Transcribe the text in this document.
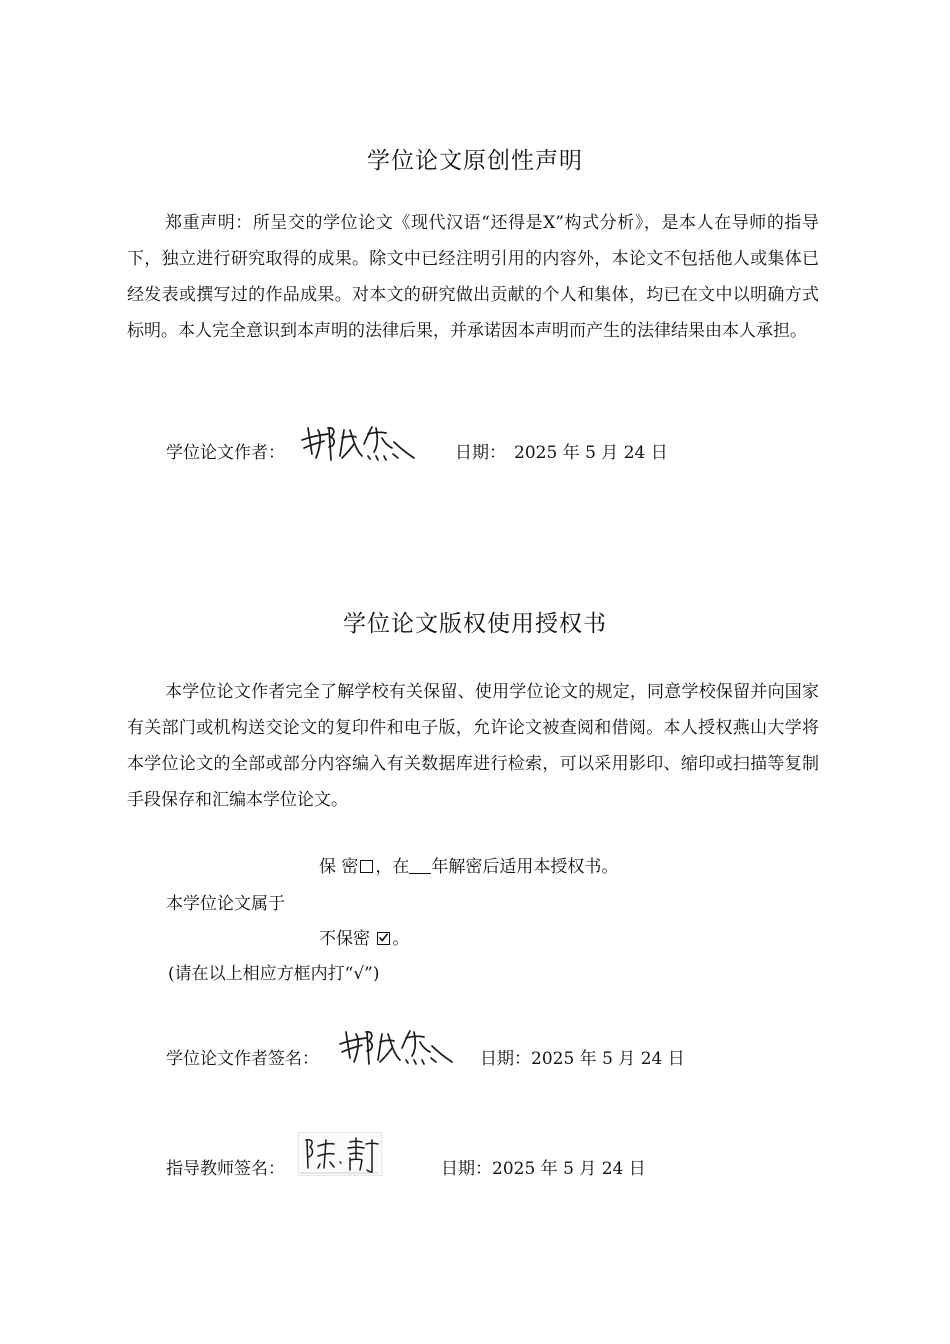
学位论文原创性声明

郑重声明：所呈交的学位论文《现代汉语“还得是X”构式分析》，是本人在导师的指导下，独立进行研究取得的成果。除文中已经注明引用的内容外，本论文不包括他人或集体已经发表或撰写过的作品成果。对本文的研究做出贡献的个人和集体，均已在文中以明确方式标明。本人完全意识到本声明的法律后果，并承诺因本声明而产生的法律结果由本人承担。

学位论文作者：	日期： 2025 年 5 月 24 日
学位论文版权使用授权书

本学位论文作者完全了解学校有关保留、使用学位论文的规定，同意学校保留并向国家有关部门或机构送交论文的复印件和电子版，允许论文被查阅和借阅。本人授权燕山大学将本学位论文的全部或部分内容编入有关数据库进行检索，可以采用影印、缩印或扫描等复制手段保存和汇编本学位论文。

保 密 ，在 年解密后适用本授权书。
本学位论文属于
不保密 。
(请在以上相应方框内打“√”)
学位论文作者签名：	日期：2025 年 5 月 24 日
指导教师签名：	日期：2025 年 5 月 24 日
